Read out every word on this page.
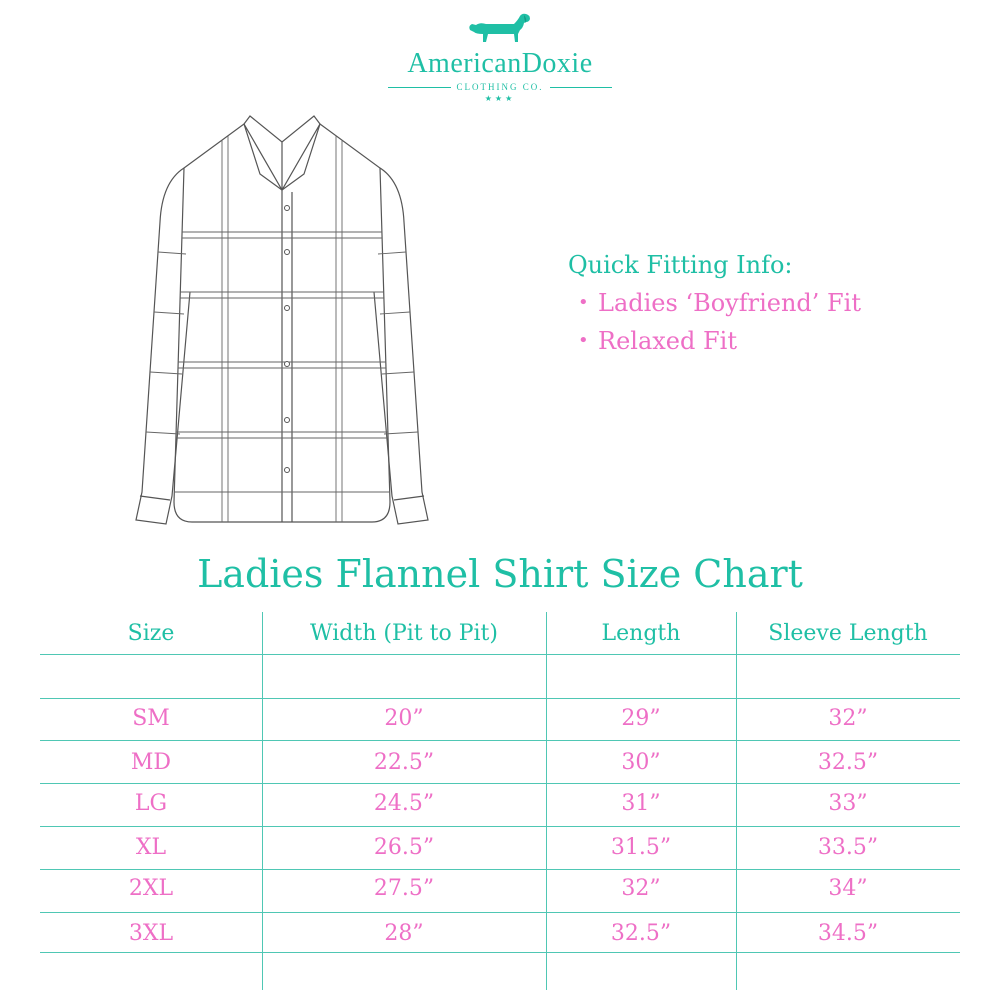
AmericanDoxie
CLOTHING CO.
★★★
Quick Fitting Info:
• Ladies ‘Boyfriend’ Fit
• Relaxed Fit
Ladies Flannel Shirt Size Chart
Size	Width (Pit to Pit)	Length	Sleeve Length
SM	20”	29”	32”
MD	22.5”	30”	32.5”
LG	24.5”	31”	33”
XL	26.5”	31.5”	33.5”
2XL	27.5”	32”	34”
3XL	28”	32.5”	34.5”
